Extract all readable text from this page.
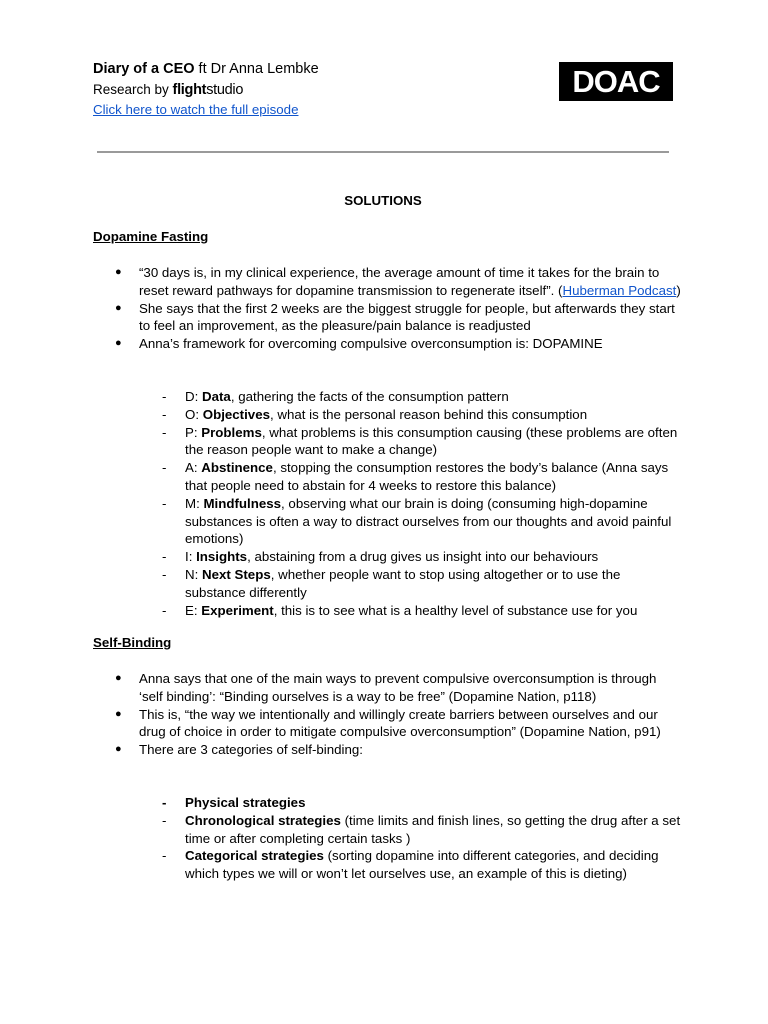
Diary of a CEO ft Dr Anna Lembke
Research by flightstudio
Click here to watch the full episode
DOAC
SOLUTIONS
Dopamine Fasting
● “30 days is, in my clinical experience, the average amount of time it takes for the brain to reset reward pathways for dopamine transmission to regenerate itself”. (Huberman Podcast)
● She says that the first 2 weeks are the biggest struggle for people, but afterwards they start to feel an improvement, as the pleasure/pain balance is readjusted
● Anna’s framework for overcoming compulsive overconsumption is: DOPAMINE
- D: Data, gathering the facts of the consumption pattern
- O: Objectives, what is the personal reason behind this consumption
- P: Problems, what problems is this consumption causing (these problems are often the reason people want to make a change)
- A: Abstinence, stopping the consumption restores the body’s balance (Anna says that people need to abstain for 4 weeks to restore this balance)
- M: Mindfulness, observing what our brain is doing (consuming high-dopamine substances is often a way to distract ourselves from our thoughts and avoid painful emotions)
- I: Insights, abstaining from a drug gives us insight into our behaviours
- N: Next Steps, whether people want to stop using altogether or to use the substance differently
- E: Experiment, this is to see what is a healthy level of substance use for you
Self-Binding
● Anna says that one of the main ways to prevent compulsive overconsumption is through ‘self binding’: “Binding ourselves is a way to be free” (Dopamine Nation, p118)
● This is, “the way we intentionally and willingly create barriers between ourselves and our drug of choice in order to mitigate compulsive overconsumption” (Dopamine Nation, p91)
● There are 3 categories of self-binding:
- Physical strategies
- Chronological strategies (time limits and finish lines, so getting the drug after a set time or after completing certain tasks )
- Categorical strategies (sorting dopamine into different categories, and deciding which types we will or won’t let ourselves use, an example of this is dieting)
